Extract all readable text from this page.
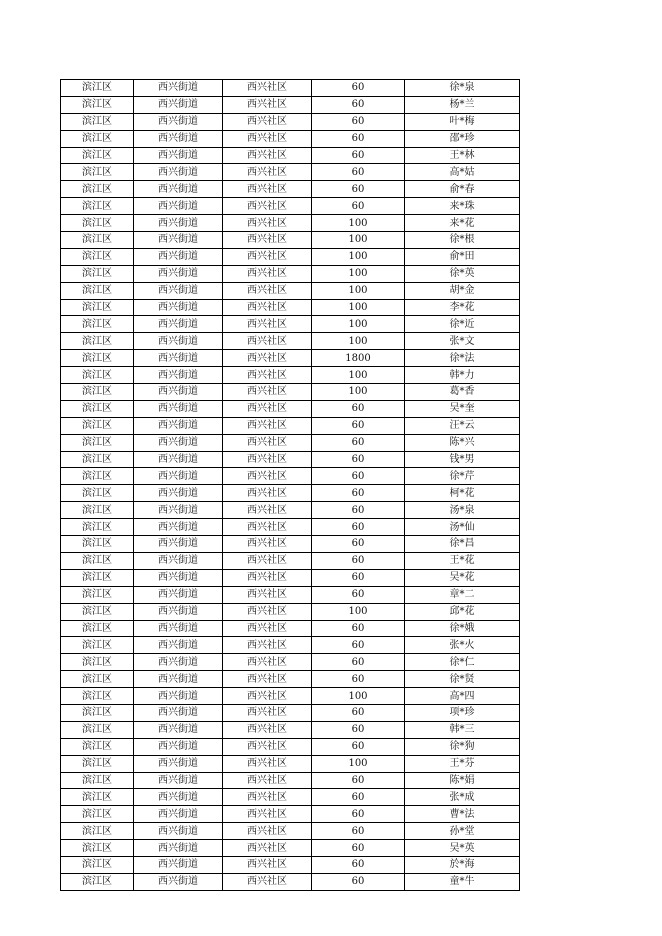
滨江区	西兴街道	西兴社区	60	徐*泉
滨江区	西兴街道	西兴社区	60	杨*兰
滨江区	西兴街道	西兴社区	60	叶*梅
滨江区	西兴街道	西兴社区	60	邵*珍
滨江区	西兴街道	西兴社区	60	王*林
滨江区	西兴街道	西兴社区	60	高*姑
滨江区	西兴街道	西兴社区	60	俞*春
滨江区	西兴街道	西兴社区	60	来*珠
滨江区	西兴街道	西兴社区	100	来*花
滨江区	西兴街道	西兴社区	100	徐*根
滨江区	西兴街道	西兴社区	100	俞*田
滨江区	西兴街道	西兴社区	100	徐*英
滨江区	西兴街道	西兴社区	100	胡*金
滨江区	西兴街道	西兴社区	100	李*花
滨江区	西兴街道	西兴社区	100	徐*近
滨江区	西兴街道	西兴社区	100	张*文
滨江区	西兴街道	西兴社区	1800	徐*法
滨江区	西兴街道	西兴社区	100	韩*力
滨江区	西兴街道	西兴社区	100	葛*香
滨江区	西兴街道	西兴社区	60	吴*奎
滨江区	西兴街道	西兴社区	60	汪*云
滨江区	西兴街道	西兴社区	60	陈*兴
滨江区	西兴街道	西兴社区	60	钱*男
滨江区	西兴街道	西兴社区	60	徐*芹
滨江区	西兴街道	西兴社区	60	柯*花
滨江区	西兴街道	西兴社区	60	汤*泉
滨江区	西兴街道	西兴社区	60	汤*仙
滨江区	西兴街道	西兴社区	60	徐*昌
滨江区	西兴街道	西兴社区	60	王*花
滨江区	西兴街道	西兴社区	60	吴*花
滨江区	西兴街道	西兴社区	60	章*二
滨江区	西兴街道	西兴社区	100	邱*花
滨江区	西兴街道	西兴社区	60	徐*娥
滨江区	西兴街道	西兴社区	60	张*火
滨江区	西兴街道	西兴社区	60	徐*仁
滨江区	西兴街道	西兴社区	60	徐*贤
滨江区	西兴街道	西兴社区	100	高*四
滨江区	西兴街道	西兴社区	60	项*珍
滨江区	西兴街道	西兴社区	60	韩*三
滨江区	西兴街道	西兴社区	60	徐*狗
滨江区	西兴街道	西兴社区	100	王*芬
滨江区	西兴街道	西兴社区	60	陈*娟
滨江区	西兴街道	西兴社区	60	张*成
滨江区	西兴街道	西兴社区	60	曹*法
滨江区	西兴街道	西兴社区	60	孙*堂
滨江区	西兴街道	西兴社区	60	吴*英
滨江区	西兴街道	西兴社区	60	於*海
滨江区	西兴街道	西兴社区	60	童*牛
